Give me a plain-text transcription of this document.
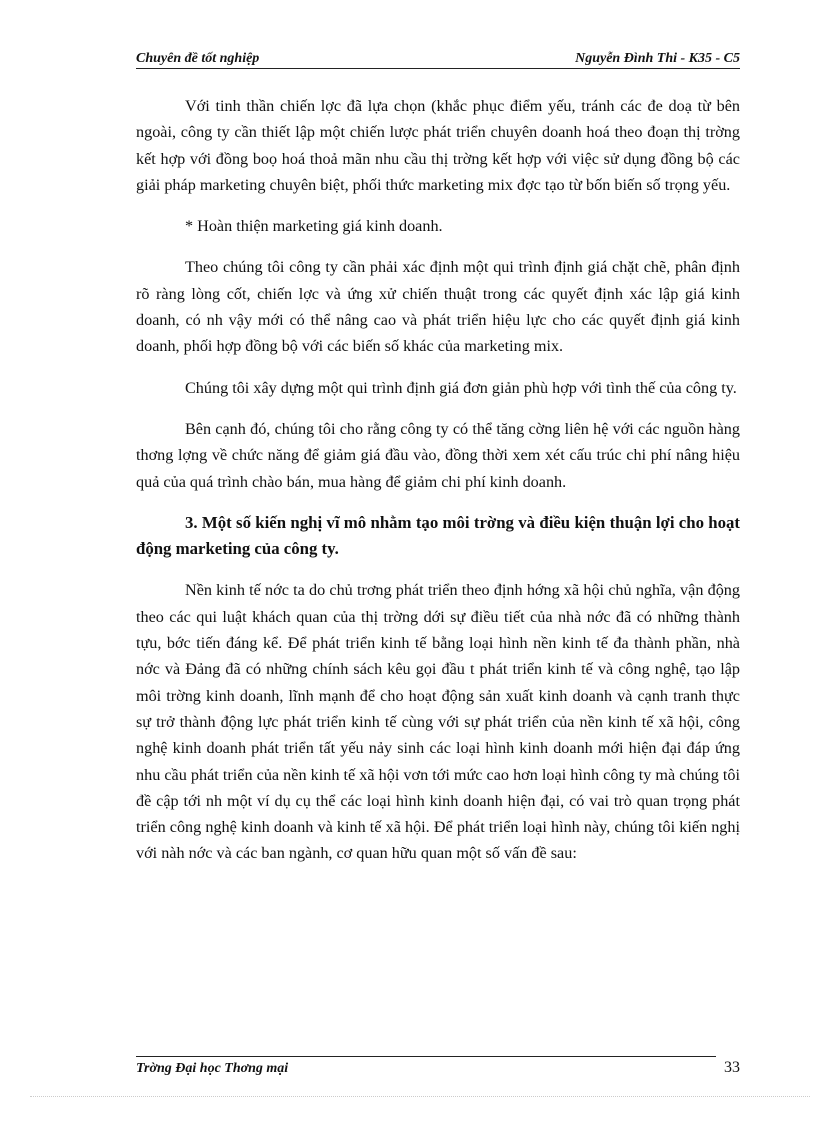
Chuyên đề tốt nghiệp	Nguyễn Đình Thi - K35 - C5

Với tinh thần chiến lợc đã lựa chọn (khắc phục điểm yếu, tránh các đe doạ từ bên ngoài, công ty cần thiết lập một chiến lược phát triển chuyên doanh hoá theo đoạn thị trờng kết hợp với đồng boọ hoá thoả mãn nhu cầu thị trờng kết hợp với việc sử dụng đồng bộ các giải pháp marketing chuyên biệt, phối thức marketing mix đợc tạo từ bốn biến số trọng yếu.

* Hoàn thiện marketing giá kinh doanh.

Theo chúng tôi công ty cần phải xác định một qui trình định giá chặt chẽ, phân định rõ ràng lòng cốt, chiến lợc và ứng xử chiến thuật trong các quyết định xác lập giá kinh doanh, có nh vậy mới có thể nâng cao và phát triển hiệu lực cho các quyết định giá kinh doanh, phối hợp đồng bộ với các biến số khác của marketing mix.

Chúng tôi xây dựng một qui trình định giá đơn giản phù hợp với tình thế của công ty.

Bên cạnh đó, chúng tôi cho rằng công ty có thể tăng cờng liên hệ với các nguồn hàng thơng lợng về chức năng để giảm giá đầu vào, đồng thời xem xét cấu trúc chi phí nâng hiệu quả của quá trình chào bán, mua hàng để giảm chi phí kinh doanh.

3. Một số kiến nghị vĩ mô nhằm tạo môi trờng và điều kiện thuận lợi cho hoạt động marketing của công ty.

Nền kinh tế nớc ta do chủ trơng phát triển theo định hớng xã hội chủ nghĩa, vận động theo các qui luật khách quan của thị trờng dới sự điều tiết của nhà nớc đã có những thành tựu, bớc tiến đáng kể. Để phát triển kinh tế bằng loại hình nền kinh tế đa thành phần, nhà nớc và Đảng đã có những chính sách kêu gọi đầu t phát triển kinh tế và công nghệ, tạo lập môi trờng kinh doanh, lĩnh mạnh để cho hoạt động sản xuất kinh doanh và cạnh tranh thực sự trở thành động lực phát triển kinh tế cùng với sự phát triển của nền kinh tế xã hội, công nghệ kinh doanh phát triển tất yếu nảy sinh các loại hình kinh doanh mới hiện đại đáp ứng nhu cầu phát triển của nền kinh tế xã hội vơn tới mức cao hơn loại hình công ty mà chúng tôi đề cập tới nh một ví dụ cụ thể các loại hình kinh doanh hiện đại, có vai trò quan trọng phát triển công nghệ kinh doanh và kinh tế xã hội. Để phát triển loại hình này, chúng tôi kiến nghị với nàh nớc và các ban ngành, cơ quan hữu quan một số vấn đề sau:

Trờng Đại học Thơng mại	33
